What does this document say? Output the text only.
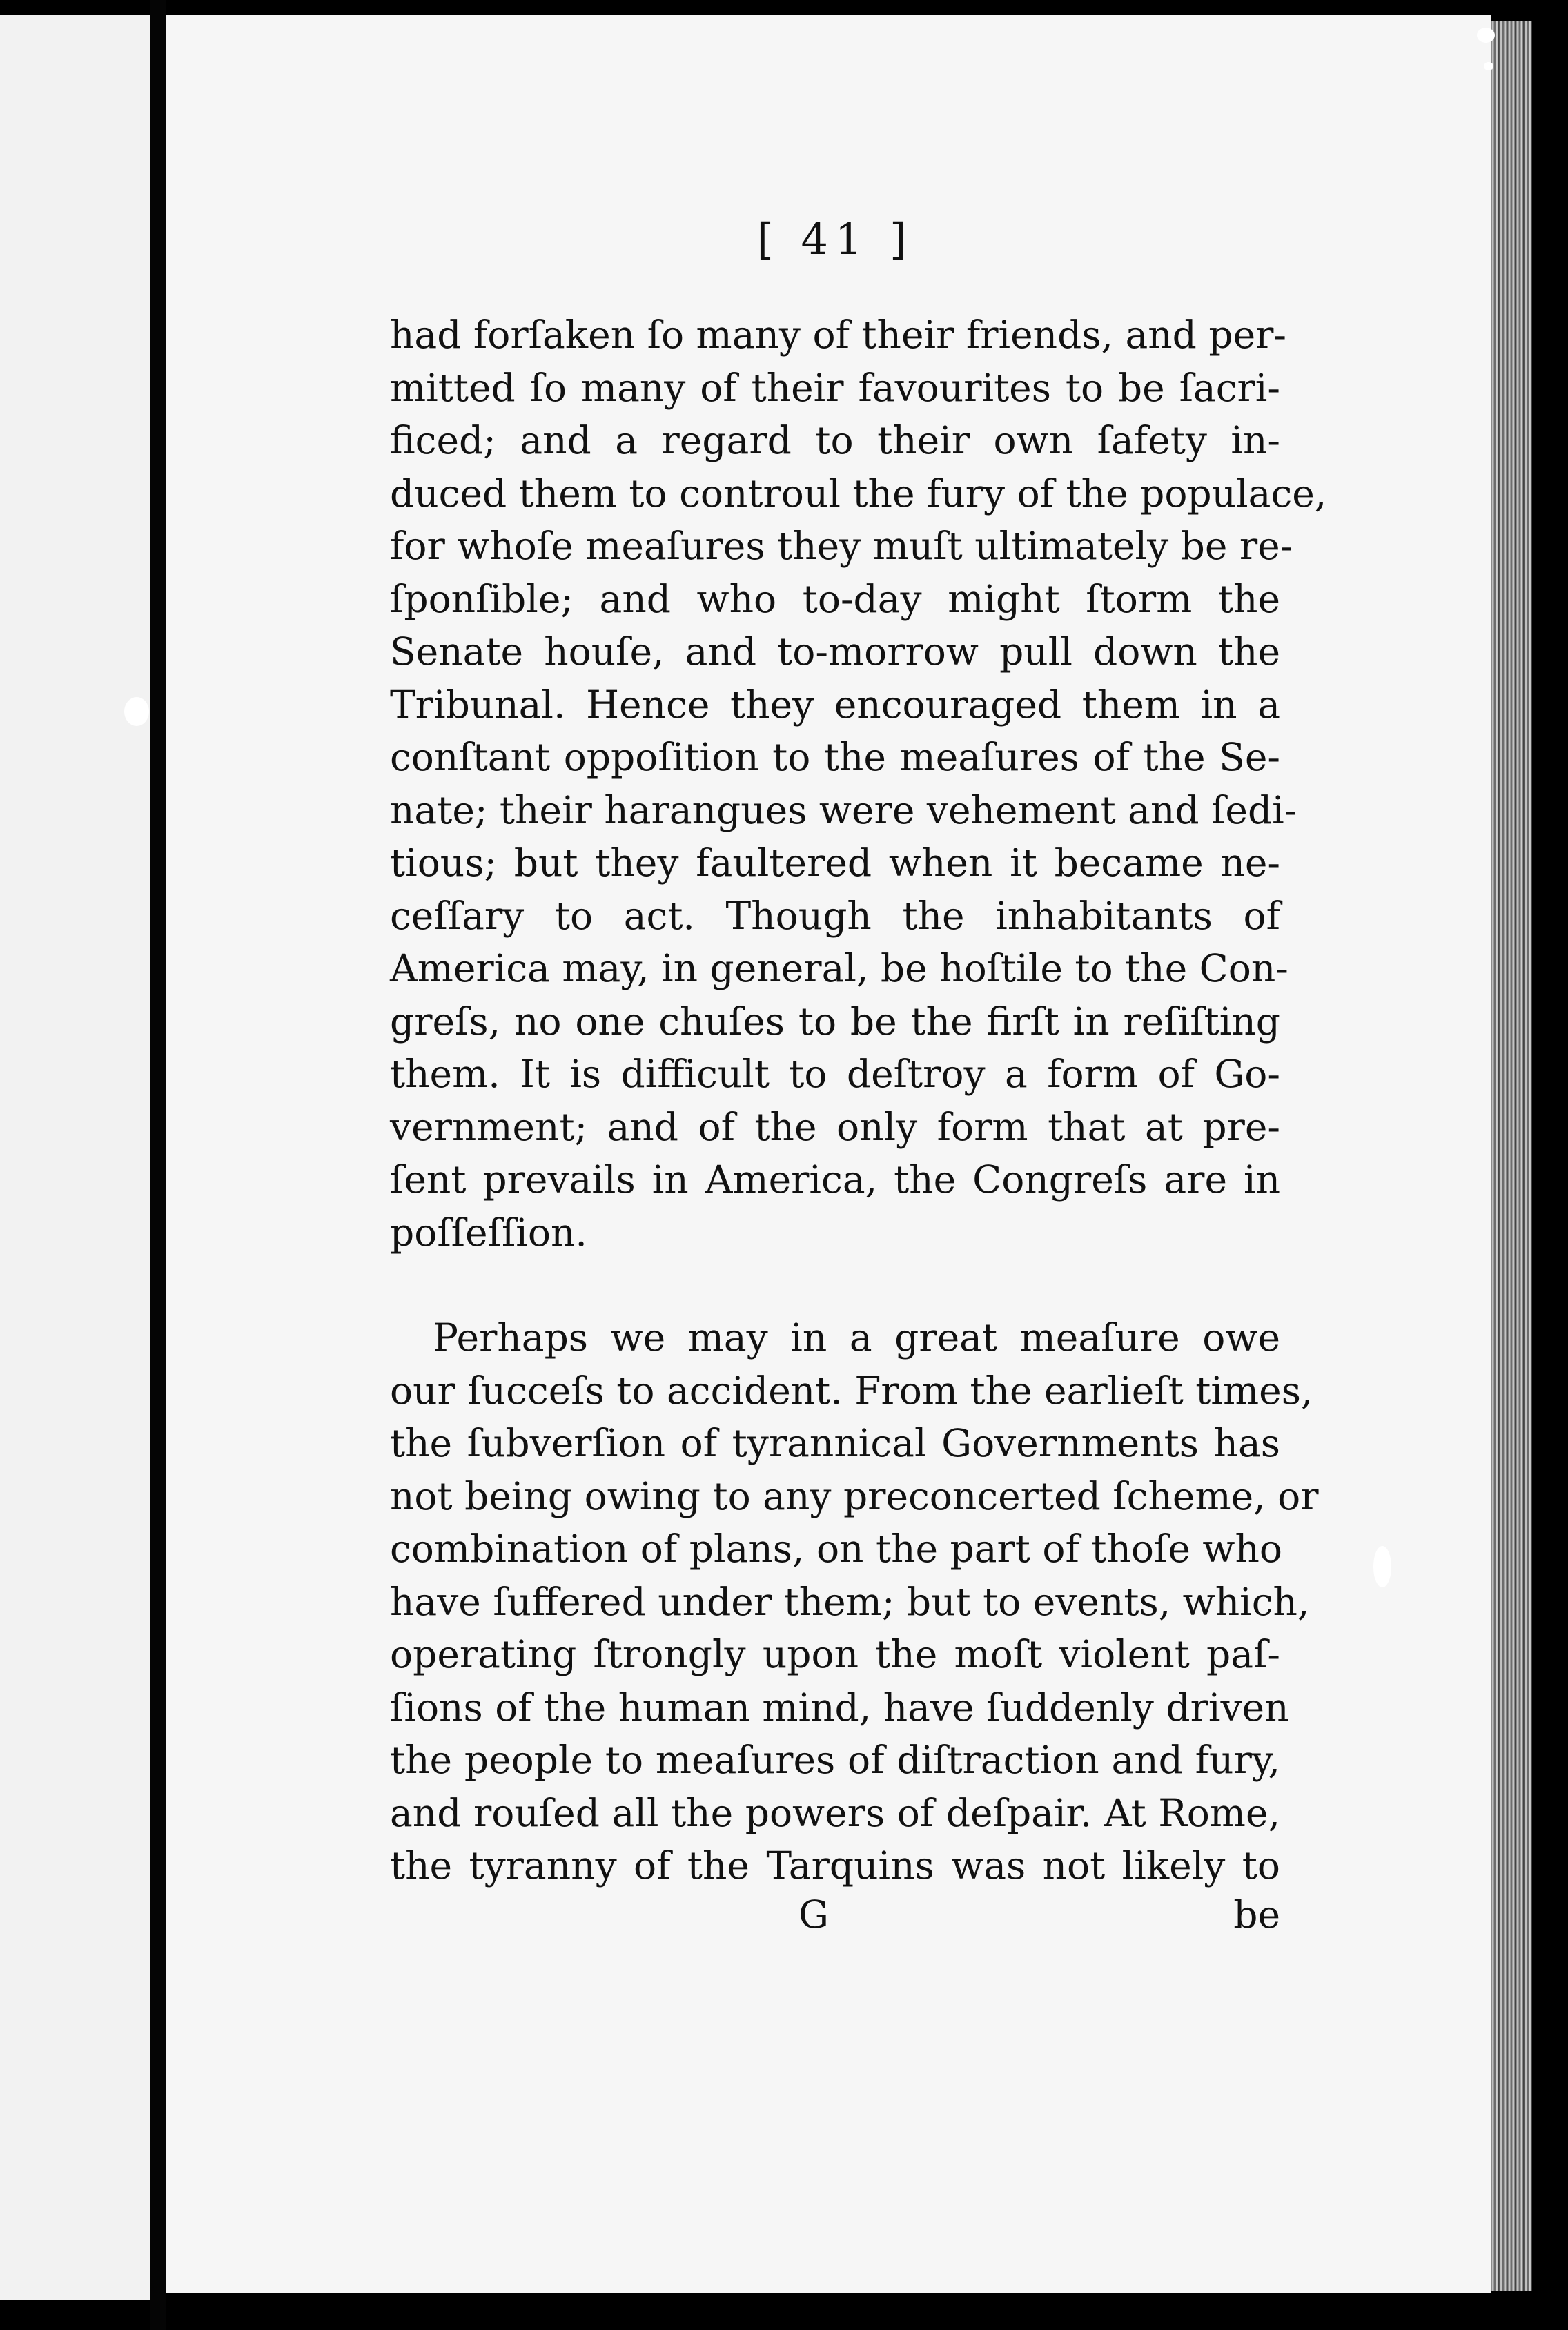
[ 41 ]
had forſaken ſo many of their friends, and per-
mitted ſo many of their favourites to be ſacri-
ficed; and a regard to their own ſafety in-
duced them to controul the fury of the populace,
for whoſe meaſures they muſt ultimately be re-
ſponſible; and who to-day might ſtorm the
Senate houſe, and to-morrow pull down the
Tribunal. Hence they encouraged them in a
conſtant oppoſition to the meaſures of the Se-
nate; their harangues were vehement and ſedi-
tious; but they faultered when it became ne-
ceſſary to act. Though the inhabitants of
America may, in general, be hoſtile to the Con-
greſs, no one chuſes to be the firſt in reſiſting
them. It is difficult to deſtroy a form of Go-
vernment; and of the only form that at pre-
ſent prevails in America, the Congreſs are in
poſſeſſion.
Perhaps we may in a great meaſure owe
our ſucceſs to accident. From the earlieſt times,
the ſubverſion of tyrannical Governments has
not being owing to any preconcerted ſcheme, or
combination of plans, on the part of thoſe who
have ſuffered under them; but to events, which,
operating ſtrongly upon the moſt violent paſ-
ſions of the human mind, have ſuddenly driven
the people to meaſures of diſtraction and fury,
and rouſed all the powers of deſpair. At Rome,
the tyranny of the Tarquins was not likely to
G	be
